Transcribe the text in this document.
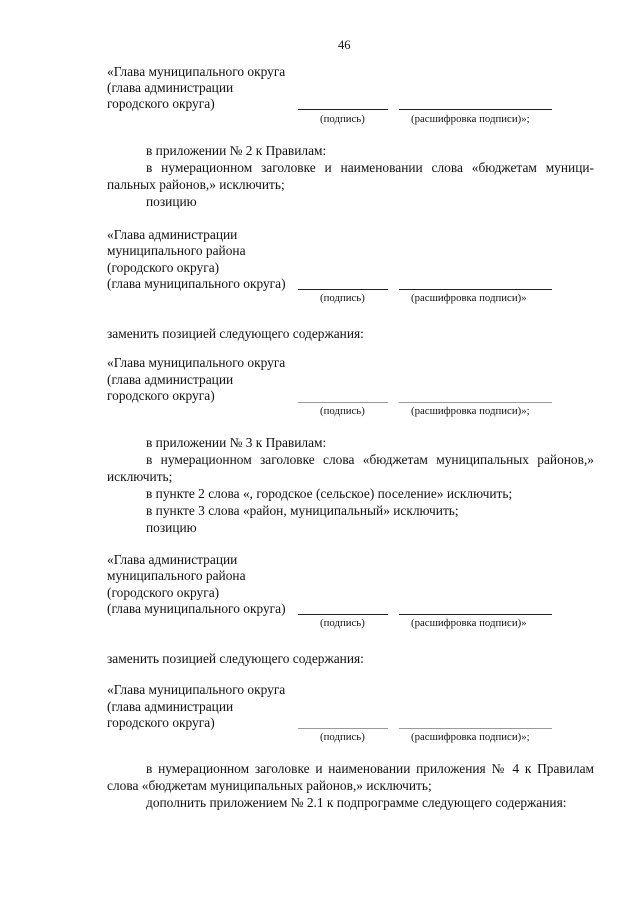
46
«Глава муниципального округа
(глава администрации
городского округа)
(подпись)	(расшифровка подписи)»;
в приложении № 2 к Правилам:
в нумерационном заголовке и наименовании слова «бюджетам муници-
пальных районов,» исключить;
позицию
«Глава администрации
муниципального района
(городского округа)
(глава муниципального округа)
(подпись)	(расшифровка подписи)»
заменить позицией следующего содержания:
«Глава муниципального округа
(глава администрации
городского округа)
(подпись)	(расшифровка подписи)»;
в приложении № 3 к Правилам:
в нумерационном заголовке слова «бюджетам муниципальных районов,»
исключить;
в пункте 2 слова «, городское (сельское) поселение» исключить;
в пункте 3 слова «район, муниципальный» исключить;
позицию
«Глава администрации
муниципального района
(городского округа)
(глава муниципального округа)
(подпись)	(расшифровка подписи)»
заменить позицией следующего содержания:
«Глава муниципального округа
(глава администрации
городского округа)
(подпись)	(расшифровка подписи)»;
в нумерационном заголовке и наименовании приложения № 4 к Правилам
слова «бюджетам муниципальных районов,» исключить;
дополнить приложением № 2.1 к подпрограмме следующего содержания:
